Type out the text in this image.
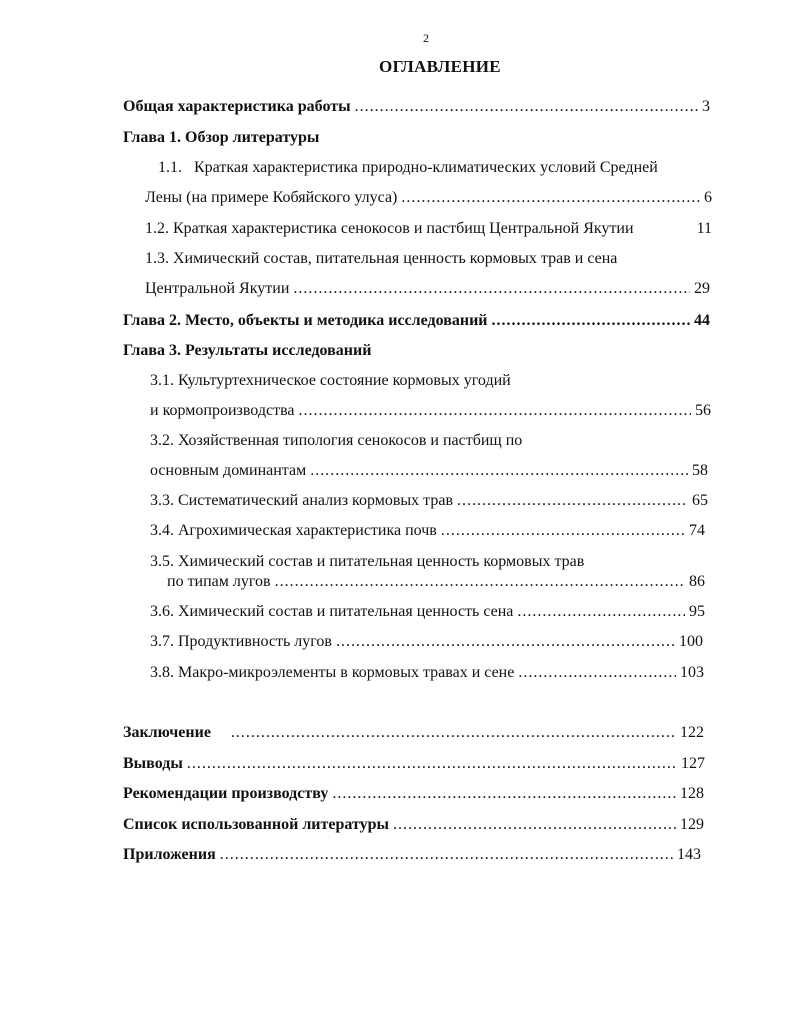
2
ОГЛАВЛЕНИЕ
Общая характеристика работы .....	3
Глава 1. Обзор литературы
1.1.   Краткая характеристика природно-климатических условий Средней
Лены (на примере Кобяйского улуса) .....	6
1.2. Краткая характеристика сенокосов и пастбищ Центральной Якутии	11
1.3. Химический состав, питательная ценность кормовых трав и сена
Центральной Якутии .....	29
Глава 2. Место, объекты и методика исследований .....	44
Глава 3. Результаты исследований
3.1. Культуртехническое состояние кормовых угодий
и кормопроизводства .....	56
3.2. Хозяйственная типология сенокосов и пастбищ по
основным доминантам .....	58
3.3. Систематический анализ кормовых трав .....	65
3.4. Агрохимическая характеристика почв .....	74
3.5. Химический состав и питательная ценность кормовых трав
по типам лугов .....	86
3.6. Химический состав и питательная ценность сена .....	95
3.7. Продуктивность лугов .....	100
3.8. Макро-микроэлементы в кормовых травах и сене .....	103
Заключение .....	122
Выводы .....	127
Рекомендации производству .....	128
Список использованной литературы .....	129
Приложения .....	143
